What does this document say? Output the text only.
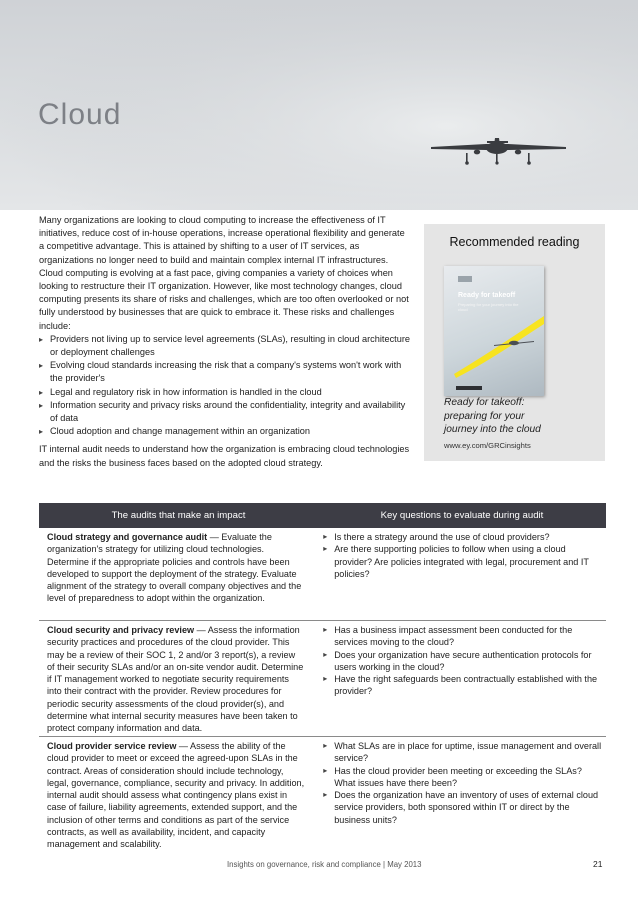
Cloud

Many organizations are looking to cloud computing to increase the effectiveness of IT initiatives, reduce cost of in-house operations, increase operational flexibility and generate a competitive advantage. This is attained by shifting to a user of IT services, as organizations no longer need to build and maintain complex internal IT infrastructures. Cloud computing is evolving at a fast pace, giving companies a variety of choices when looking to restructure their IT organization. However, like most technology changes, cloud computing presents its share of risks and challenges, which are too often overlooked or not fully understood by businesses that are quick to embrace it. These risks and challenges include:

▸ Providers not living up to service level agreements (SLAs), resulting in cloud architecture or deployment challenges
▸ Evolving cloud standards increasing the risk that a company's systems won't work with the provider's
▸ Legal and regulatory risk in how information is handled in the cloud
▸ Information security and privacy risks around the confidentiality, integrity and availability of data
▸ Cloud adoption and change management within an organization

IT internal audit needs to understand how the organization is embracing cloud technologies and the risks the business faces based on the adopted cloud strategy.

Recommended reading
Ready for takeoff
Preparing for your journey into the cloud
Ready for takeoff:
preparing for your
journey into the cloud
www.ey.com/GRCinsights
The audits that make an impact	Key questions to evaluate during audit
Cloud strategy and governance audit — Evaluate the organization's strategy for utilizing cloud technologies. Determine if the appropriate policies and controls have been developed to support the deployment of the strategy. Evaluate alignment of the strategy to overall company objectives and the level of preparedness to adopt within the organization.
▸ Is there a strategy around the use of cloud providers?
▸ Are there supporting policies to follow when using a cloud provider? Are policies integrated with legal, procurement and IT policies?
Cloud security and privacy review — Assess the information security practices and procedures of the cloud provider. This may be a review of their SOC 1, 2 and/or 3 report(s), a review of their security SLAs and/or an on-site vendor audit. Determine if IT management worked to negotiate security requirements into their contract with the provider. Review procedures for periodic security assessments of the cloud provider(s), and determine what internal security measures have been taken to protect company information and data.
▸ Has a business impact assessment been conducted for the services moving to the cloud?
▸ Does your organization have secure authentication protocols for users working in the cloud?
▸ Have the right safeguards been contractually established with the provider?
Cloud provider service review — Assess the ability of the cloud provider to meet or exceed the agreed-upon SLAs in the contract. Areas of consideration should include technology, legal, governance, compliance, security and privacy. In addition, internal audit should assess what contingency plans exist in case of failure, liability agreements, extended support, and the inclusion of other terms and conditions as part of the service contracts, as well as availability, incident, and capacity management and scalability.
▸ What SLAs are in place for uptime, issue management and overall service?
▸ Has the cloud provider been meeting or exceeding the SLAs? What issues have there been?
▸ Does the organization have an inventory of uses of external cloud service providers, both sponsored within IT or direct by the business units?
Insights on governance, risk and compliance | May 2013	21
